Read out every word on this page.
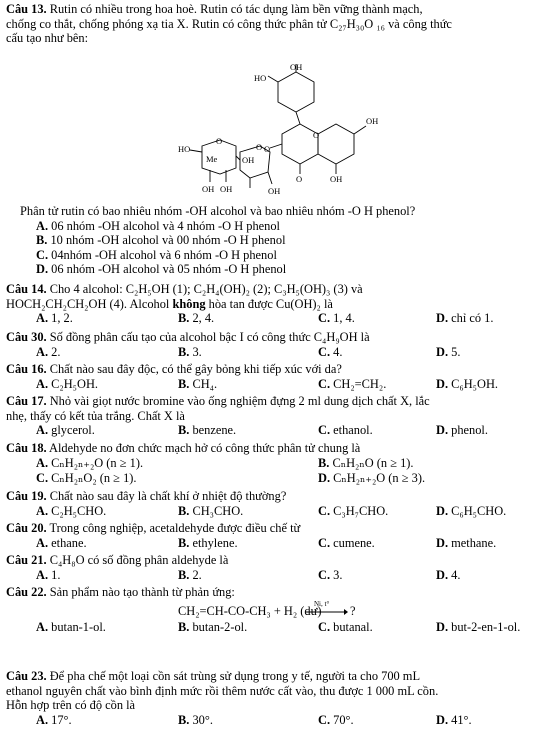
Câu 13. Rutin có nhiều trong hoa hoè. Rutin có tác dụng làm bền vững thành mạch,
chống co thắt, chống phóng xạ tia X. Rutin có công thức phân tử C₂₇H₃₀O ₁₆ và công thức
cấu tạo như bên:
OH
HO
OH
OH
O
O
O
HO
Me
O
OH
O
OH OH	OH
Phân tử rutin có bao nhiêu nhóm -OH alcohol và bao nhiêu nhóm -O H phenol?
A. 06 nhóm -OH alcohol và 4 nhóm -O H phenol
B. 10 nhóm -OH alcohol và 00 nhóm -O H phenol
C. 04nhóm -OH alcohol và 6 nhóm -O H phenol
D. 06 nhóm -OH alcohol và 05 nhóm -O H phenol
Câu 14. Cho 4 alcohol: C₂H₅OH (1); C₂H₄(OH)₂ (2); C₃H₅(OH)₃ (3) và
HOCH₂CH₂CH₂OH (4). Alcohol không hòa tan được Cu(OH)₂ là
A. 1, 2.	B. 2, 4.	C. 1, 4.	D. chỉ có 1.
Câu 30. Số đồng phân cấu tạo của alcohol bậc I có công thức C₄H₉OH là
A. 2.	B. 3.	C. 4.	D. 5.
Câu 16. Chất nào sau đây độc, có thể gây bỏng khi tiếp xúc với da?
A. C₂H₅OH.	B. CH₄.	C. CH₂=CH₂.	D. C₆H₅OH.
Câu 17. Nhỏ vài giọt nước bromine vào ống nghiệm đựng 2 ml dung dịch chất X, lắc
nhẹ, thấy có kết tủa trắng. Chất X là
A. glycerol.	B. benzene.	C. ethanol.	D. phenol.
Câu 18. Aldehyde no đơn chức mạch hở có công thức phân tử chung là
A. CₙH₂ₙ₊₂O (n ≥ 1).	B. CₙH₂ₙO (n ≥ 1).
C. CₙH₂ₙO₂ (n ≥ 1).	D. CₙH₂ₙ₊₂O (n ≥ 3).
Câu 19. Chất nào sau đây là chất khí ở nhiệt độ thường?
A. C₂H₅CHO.	B. CH₃CHO.	C. C₃H₇CHO.	D. C₆H₅CHO.
Câu 20. Trong công nghiệp, acetaldehyde được điều chế từ
A. ethane.	B. ethylene.	C. cumene.	D. methane.
Câu 21. C₄H₈O có số đồng phân aldehyde là
A. 1.	B. 2.	C. 3.	D. 4.
Câu 22. Sản phẩm nào tạo thành từ phản ứng:
CH₂=CH-CO-CH₃ + H₂ (dư)
Ni, t° ?
A. butan-1-ol.	B. butan-2-ol.	C. butanal.	D. but-2-en-1-ol.
Câu 23. Để pha chế một loại cồn sát trùng sử dụng trong y tế, người ta cho 700 mL
ethanol nguyên chất vào bình định mức rồi thêm nước cất vào, thu được 1 000 mL cồn.
Hỗn hợp trên có độ cồn là
A. 17°.	B. 30°.	C. 70°.	D. 41°.
